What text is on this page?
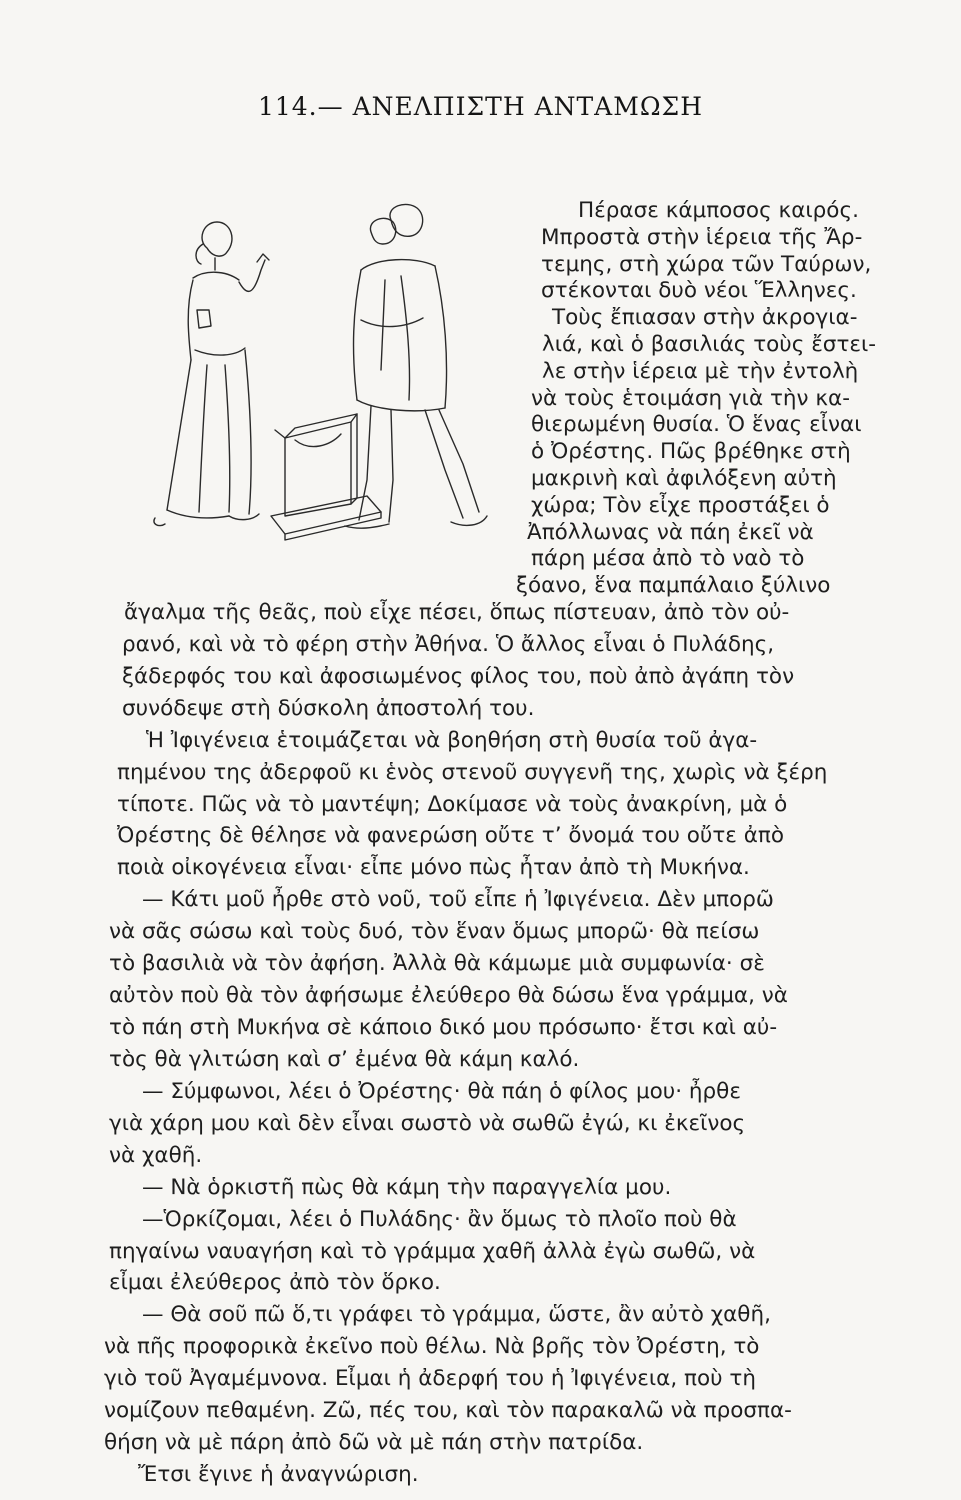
114.— ΑΝΕΛΠΙΣΤΗ ΑΝΤΑΜΩΣΗ
Πέρασε κάμποσος καιρός.
Μπροστὰ στὴν ἱέρεια τῆς Ἄρ-
τεμης, στὴ χώρα τῶν Ταύρων,
στέκονται δυὸ νέοι Ἕλληνες.
Τοὺς ἔπιασαν στὴν ἀκρογια-
λιά, καὶ ὁ βασιλιάς τοὺς ἔστει-
λε στὴν ἱέρεια μὲ τὴν ἐντολὴ
νὰ τοὺς ἑτοιμάση γιὰ τὴν κα-
θιερωμένη θυσία. Ὁ ἕνας εἶναι
ὁ Ὀρέστης. Πῶς βρέθηκε στὴ
μακρινὴ καὶ ἀφιλόξενη αὐτὴ
χώρα; Τὸν εἶχε προστάξει ὁ
Ἀπόλλωνας νὰ πάη ἐκεῖ νὰ
πάρη μέσα ἀπὸ τὸ ναὸ τὸ
ξόανο, ἕνα παμπάλαιο ξύλινο
ἄγαλμα τῆς θεᾶς, ποὺ εἶχε πέσει, ὅπως πίστευαν, ἀπὸ τὸν οὐ-
ρανό, καὶ νὰ τὸ φέρη στὴν Ἀθήνα. Ὁ ἄλλος εἶναι ὁ Πυλάδης,
ξάδερφός του καὶ ἀφοσιωμένος φίλος του, ποὺ ἀπὸ ἀγάπη τὸν
συνόδεψε στὴ δύσκολη ἀποστολή του.
Ἡ Ἰφιγένεια ἑτοιμάζεται νὰ βοηθήση στὴ θυσία τοῦ ἀγα-
πημένου της ἀδερφοῦ κι ἑνὸς στενοῦ συγγενῆ της, χωρὶς νὰ ξέρη
τίποτε. Πῶς νὰ τὸ μαντέψη; Δοκίμασε νὰ τοὺς ἀνακρίνη, μὰ ὁ
Ὀρέστης δὲ θέλησε νὰ φανερώση οὔτε τ’ ὄνομά του οὔτε ἀπὸ
ποιὰ οἰκογένεια εἶναι· εἶπε μόνο πὼς ἦταν ἀπὸ τὴ Μυκήνα.
— Κάτι μοῦ ἦρθε στὸ νοῦ, τοῦ εἶπε ἡ Ἰφιγένεια. Δὲν μπορῶ
νὰ σᾶς σώσω καὶ τοὺς δυό, τὸν ἕναν ὅμως μπορῶ· θὰ πείσω
τὸ βασιλιὰ νὰ τὸν ἀφήση. Ἀλλὰ θὰ κάμωμε μιὰ συμφωνία· σὲ
αὐτὸν ποὺ θὰ τὸν ἀφήσωμε ἐλεύθερο θὰ δώσω ἕνα γράμμα, νὰ
τὸ πάη στὴ Μυκήνα σὲ κάποιο δικό μου πρόσωπο· ἔτσι καὶ αὐ-
τὸς θὰ γλιτώση καὶ σ’ ἐμένα θὰ κάμη καλό.
— Σύμφωνοι, λέει ὁ Ὀρέστης· θὰ πάη ὁ φίλος μου· ἦρθε
γιὰ χάρη μου καὶ δὲν εἶναι σωστὸ νὰ σωθῶ ἐγώ, κι ἐκεῖνος
νὰ χαθῆ.
— Νὰ ὁρκιστῆ πὼς θὰ κάμη τὴν παραγγελία μου.
—Ὁρκίζομαι, λέει ὁ Πυλάδης· ἂν ὅμως τὸ πλοῖο ποὺ θὰ
πηγαίνω ναυαγήση καὶ τὸ γράμμα χαθῆ ἀλλὰ ἐγὼ σωθῶ, νὰ
εἶμαι ἐλεύθερος ἀπὸ τὸν ὅρκο.
— Θὰ σοῦ πῶ ὅ,τι γράφει τὸ γράμμα, ὥστε, ἂν αὐτὸ χαθῆ,
νὰ πῆς προφορικὰ ἐκεῖνο ποὺ θέλω. Νὰ βρῆς τὸν Ὀρέστη, τὸ
γιὸ τοῦ Ἀγαμέμνονα. Εἶμαι ἡ ἀδερφή του ἡ Ἰφιγένεια, ποὺ τὴ
νομίζουν πεθαμένη. Ζῶ, πές του, καὶ τὸν παρακαλῶ νὰ προσπα-
θήση νὰ μὲ πάρη ἀπὸ δῶ νὰ μὲ πάη στὴν πατρίδα.
Ἔτσι ἔγινε ἡ ἀναγνώριση.
